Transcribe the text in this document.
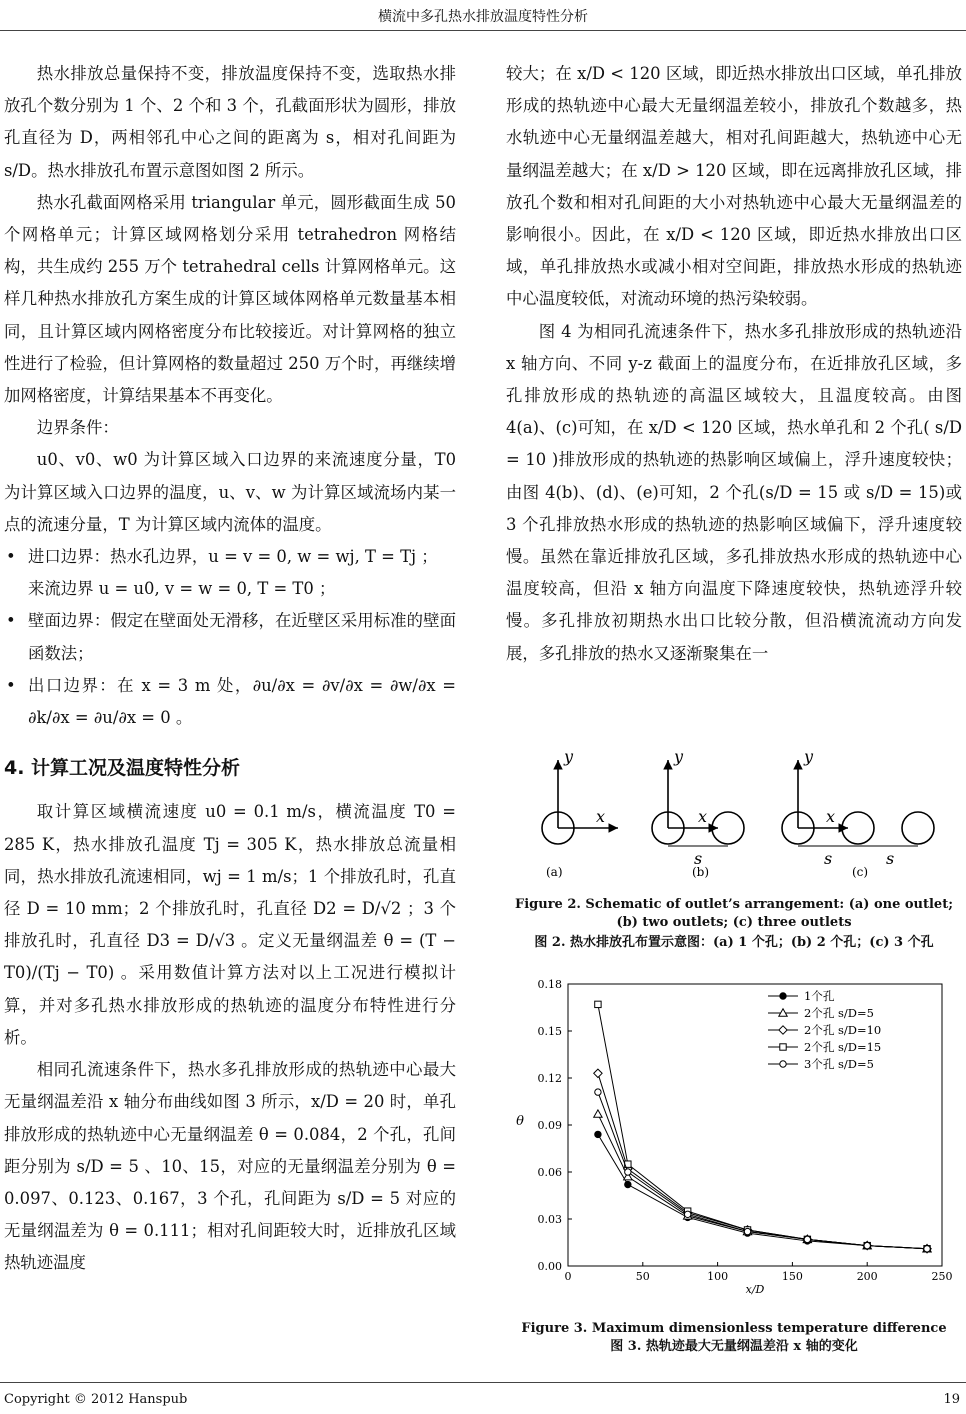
横流中多孔热水排放温度特性分析

热水排放总量保持不变，排放温度保持不变，选取热水排放孔个数分别为 1 个、2 个和 3 个，孔截面形状为圆形，排放孔直径为 D，两相邻孔中心之间的距离为 s，相对孔间距为 s/D。热水排放孔布置示意图如图 2 所示。

热水孔截面网格采用 triangular 单元，圆形截面生成 50 个网格单元；计算区域网格划分采用 tetrahedron 网格结构，共生成约 255 万个 tetrahedral cells 计算网格单元。这样几种热水排放孔方案生成的计算区域体网格单元数量基本相同，且计算区域内网格密度分布比较接近。对计算网格的独立性进行了检验，但计算网格的数量超过 250 万个时，再继续增加网格密度，计算结果基本不再变化。

边界条件：

u0、v0、w0 为计算区域入口边界的来流速度分量，T0 为计算区域入口边界的温度，u、v、w 为计算区域流场内某一点的流速分量，T 为计算区域内流体的温度。

• 进口边界：热水孔边界，u = v = 0, w = wj, T = Tj ；

来流边界 u = u0, v = w = 0, T = T0 ；

• 壁面边界：假定在壁面处无滑移，在近壁区采用标准的壁面函数法；

• 出口边界：在 x = 3 m 处，∂u/∂x = ∂v/∂x = ∂w/∂x = ∂k/∂x = ∂u/∂x = 0 。

4. 计算工况及温度特性分析

取计算区域横流速度 u0 = 0.1 m/s，横流温度 T0 = 285 K，热水排放孔温度 Tj = 305 K，热水排放总流量相同，热水排放孔流速相同，wj = 1 m/s；1 个排放孔时，孔直径 D = 10 mm；2 个排放孔时，孔直径 D2 = D/√2 ；3 个排放孔时，孔直径 D3 = D/√3 。定义无量纲温差 θ = (T − T0)/(Tj − T0) 。采用数值计算方法对以上工况进行模拟计算，并对多孔热水排放形成的热轨迹的温度分布特性进行分析。

相同孔流速条件下，热水多孔排放形成的热轨迹中心最大无量纲温差沿 x 轴分布曲线如图 3 所示，x/D = 20 时，单孔排放形成的热轨迹中心无量纲温差 θ = 0.084，2 个孔，孔间距分别为 s/D = 5 、10、15，对应的无量纲温差分别为 θ = 0.097、0.123、0.167，3 个孔，孔间距为 s/D = 5 对应的无量纲温差为 θ = 0.111；相对孔间距较大时，近排放孔区域热轨迹温度

较大；在 x/D < 120 区域，即近热水排放出口区域，单孔排放形成的热轨迹中心最大无量纲温差较小，排放孔个数越多，热水轨迹中心无量纲温差越大，相对孔间距越大，热轨迹中心无量纲温差越大；在 x/D > 120 区域，即在远离排放孔区域，排放孔个数和相对孔间距的大小对热轨迹中心最大无量纲温差的影响很小。因此，在 x/D < 120 区域，即近热水排放出口区域，单孔排放热水或减小相对空间距，排放热水形成的热轨迹中心温度较低，对流动环境的热污染较弱。

图 4 为相同孔流速条件下，热水多孔排放形成的热轨迹沿 x 轴方向、不同 y-z 截面上的温度分布，在近排放孔区域，多孔排放形成的热轨迹的高温区域较大，且温度较高。由图 4(a)、(c)可知，在 x/D < 120 区域，热水单孔和 2 个孔( s/D = 10 )排放形成的热轨迹的热影响区域偏上，浮升速度较快；由图 4(b)、(d)、(e)可知，2 个孔(s/D = 15 或 s/D = 15)或 3 个孔排放热水形成的热轨迹的热影响区域偏下，浮升速度较慢。虽然在靠近排放孔区域，多孔排放热水形成的热轨迹中心温度较高，但沿 x 轴方向温度下降速度较快，热轨迹浮升较慢。多孔排放初期热水出口比较分散，但沿横流流动方向发展，多孔排放的热水又逐渐聚集在一

y
x
y
x
s
y
x
s	s
(a)	(b)	(c)
Figure 2. Schematic of outlet’s arrangement: (a) one outlet; (b) two outlets; (c) three outlets
图 2. 热水排放孔布置示意图：(a) 1 个孔；(b) 2 个孔；(c) 3 个孔
0.00
0.03
0.06
0.09
0.12
0.15
0.18
0	50	100	150	200	250
x/D
θ
1个孔
2个孔 s/D=5
2个孔 s/D=10
2个孔 s/D=15
3个孔 s/D=5
Figure 3. Maximum dimensionless temperature difference
图 3. 热轨迹最大无量纲温差沿 x 轴的变化
Copyright © 2012 Hanspub	19
